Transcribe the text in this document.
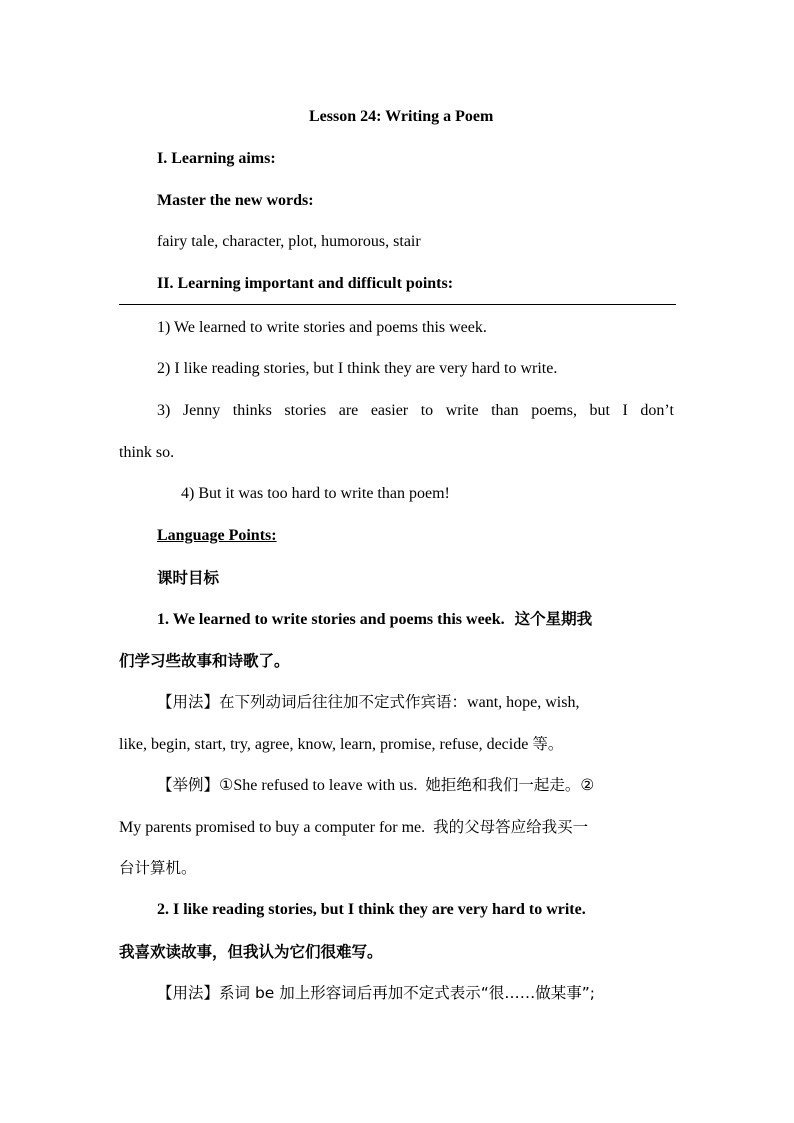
Lesson 24: Writing a Poem
I. Learning aims:
Master the new words:
fairy tale, character, plot, humorous, stair
II. Learning important and difficult points:
1) We learned to write stories and poems this week.
2) I like reading stories, but I think they are very hard to write.
3) Jenny thinks stories are easier to write than poems, but I don’t
think so.
4) But it was too hard to write than poem!
Language Points:
课时目标
1. We learned to write stories and poems this week. 这个星期我
们学习些故事和诗歌了。
【用法】在下列动词后往往加不定式作宾语：want, hope, wish,
like, begin, start, try, agree, know, learn, promise, refuse, decide 等。
【举例】①She refused to leave with us. 她拒绝和我们一起走。②
My parents promised to buy a computer for me. 我的父母答应给我买一
台计算机。
2. I like reading stories, but I think they are very hard to write.
我喜欢读故事，但我认为它们很难写。
【用法】系词 be 加上形容词后再加不定式表示“很……做某事”;
